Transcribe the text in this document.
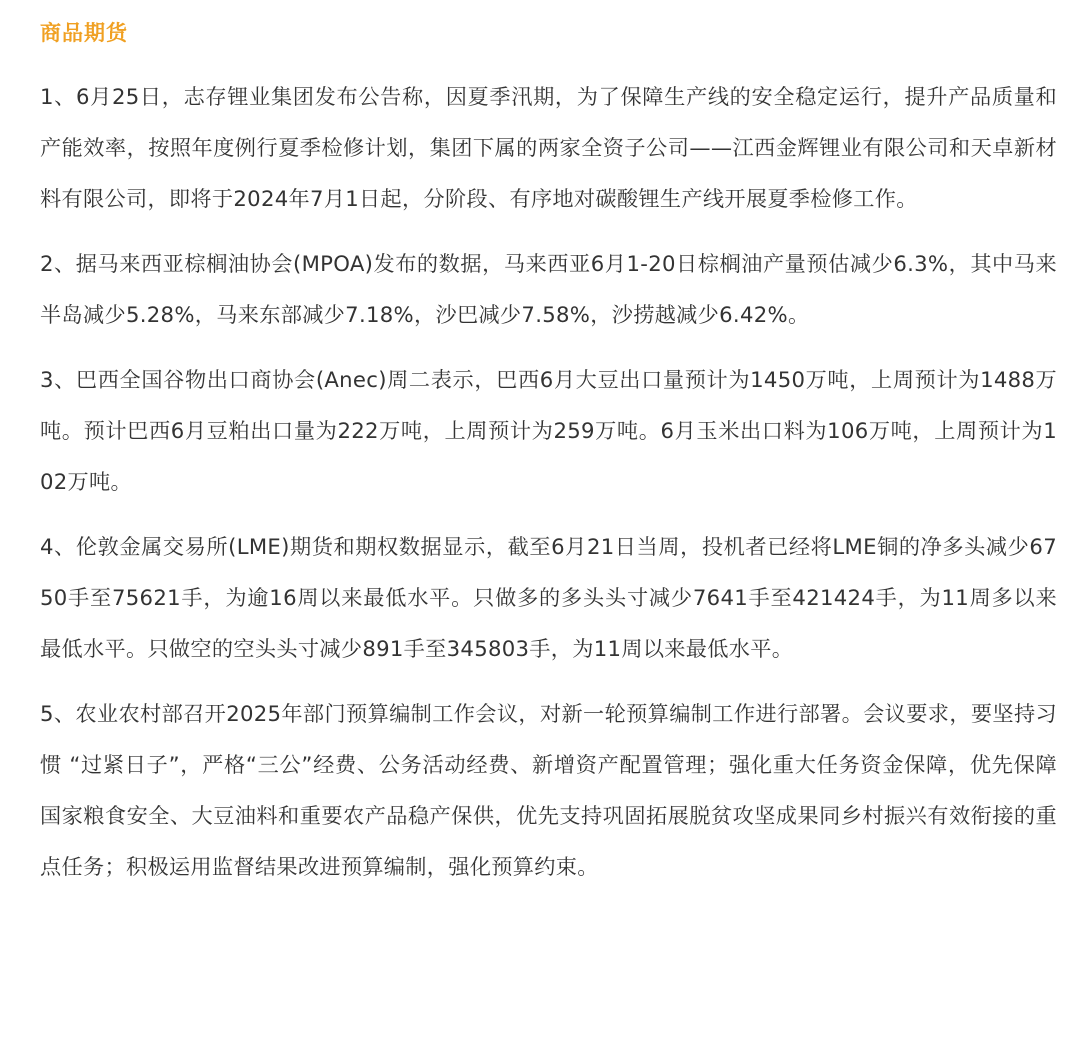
商品期货

1、6月25日，志存锂业集团发布公告称，因夏季汛期，为了保障生产线的安全稳定运行，提升产品质量和产能效率，按照年度例行夏季检修计划，集团下属的两家全资子公司——江西金辉锂业有限公司和天卓新材料有限公司，即将于2024年7月1日起，分阶段、有序地对碳酸锂生产线开展夏季检修工作。

2、据马来西亚棕榈油协会(MPOA)发布的数据，马来西亚6月1-20日棕榈油产量预估减少6.3%，其中马来半岛减少5.28%，马来东部减少7.18%，沙巴减少7.58%，沙捞越减少6.42%。

3、巴西全国谷物出口商协会(Anec)周二表示，巴西6月大豆出口量预计为1450万吨，上周预计为1488万吨。预计巴西6月豆粕出口量为222万吨，上周预计为259万吨。6月玉米出口料为106万吨，上周预计为102万吨。

4、伦敦金属交易所(LME)期货和期权数据显示，截至6月21日当周，投机者已经将LME铜的净多头减少6750手至75621手，为逾16周以来最低水平。只做多的多头头寸减少7641手至421424手，为11周多以来最低水平。只做空的空头头寸减少891手至345803手，为11周以来最低水平。

5、农业农村部召开2025年部门预算编制工作会议，对新一轮预算编制工作进行部署。会议要求，要坚持习惯 “过紧日子”，严格“三公”经费、公务活动经费、新增资产配置管理；强化重大任务资金保障，优先保障国家粮食安全、大豆油料和重要农产品稳产保供，优先支持巩固拓展脱贫攻坚成果同乡村振兴有效衔接的重点任务；积极运用监督结果改进预算编制，强化预算约束。
